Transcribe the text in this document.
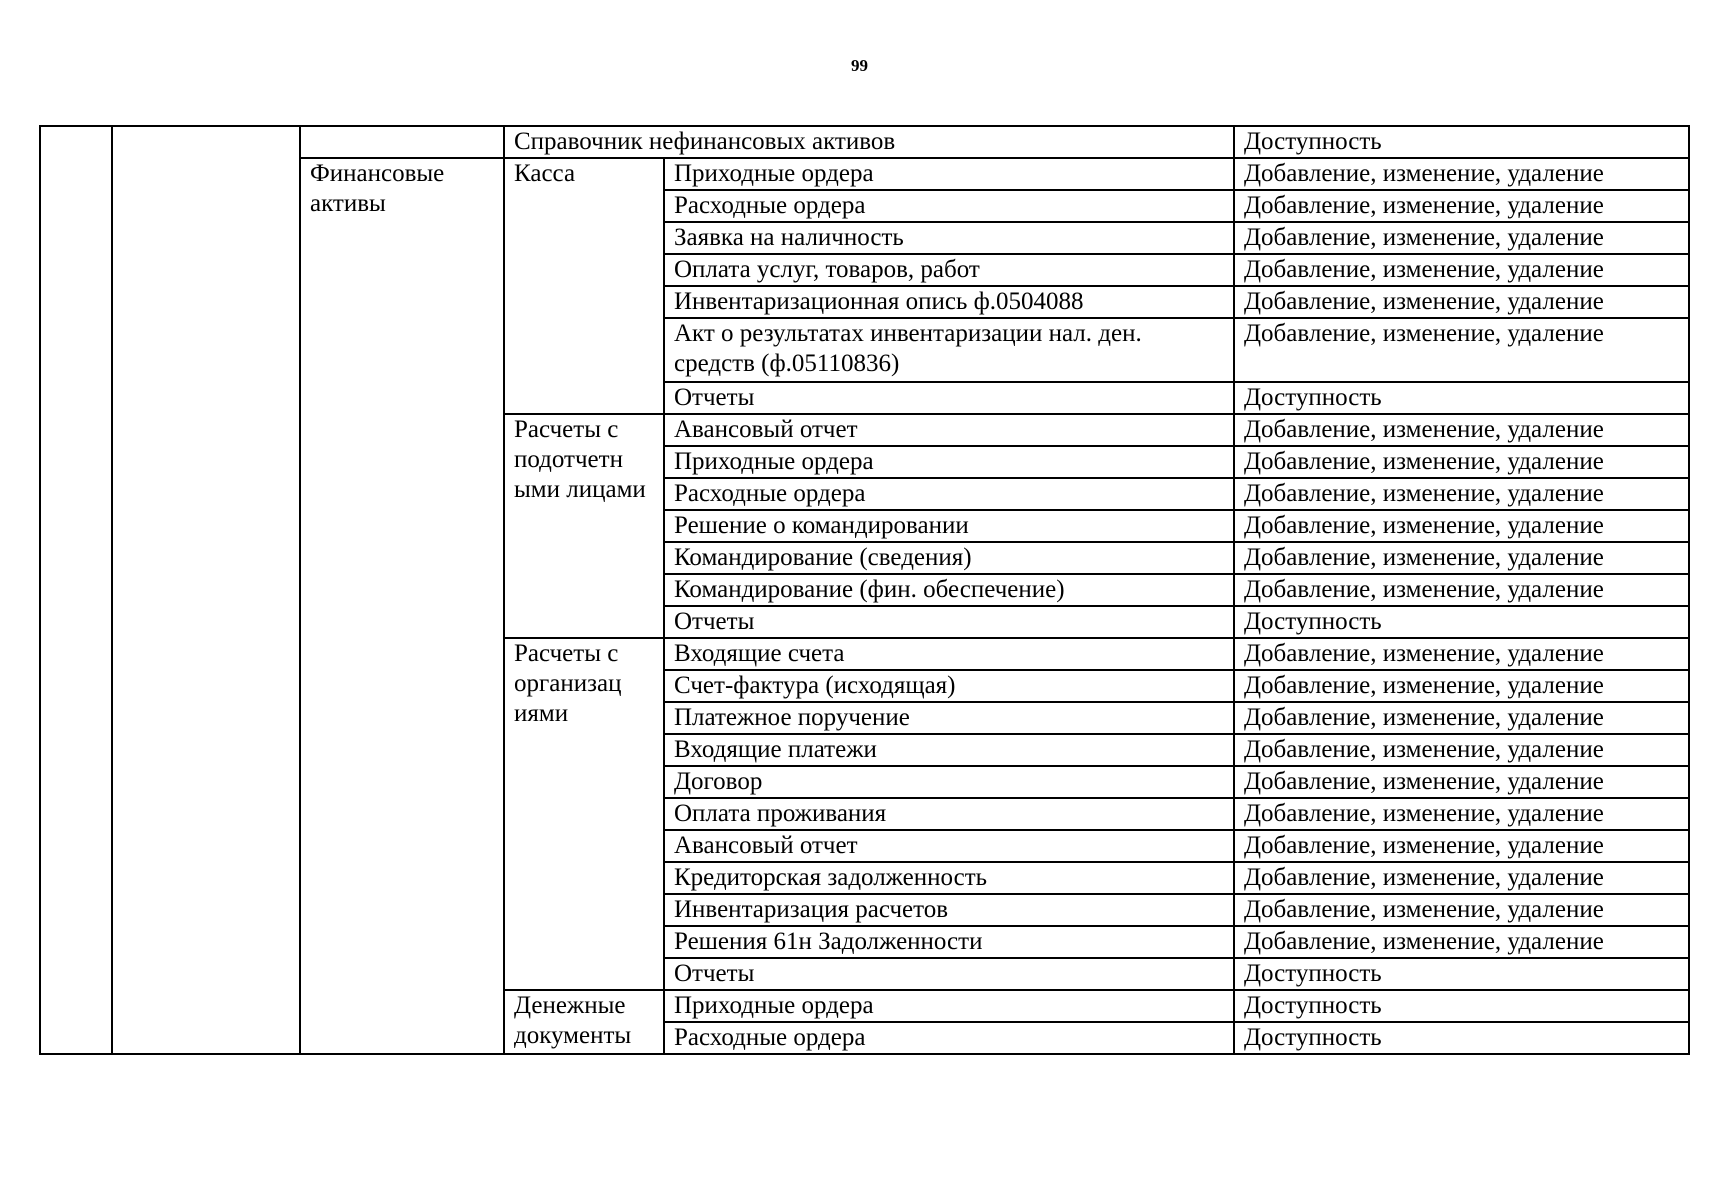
99
			Справочник нефинансовых активов		Доступность
		Финансовые активы	Касса	Приходные ордера	Добавление, изменение, удаление
				Расходные ордера	Добавление, изменение, удаление
				Заявка на наличность	Добавление, изменение, удаление
				Оплата услуг, товаров, работ	Добавление, изменение, удаление
				Инвентаризационная опись ф.0504088	Добавление, изменение, удаление
				Акт о результатах инвентаризации нал. ден. средств (ф.05110836)	Добавление, изменение, удаление
				Отчеты	Доступность
			Расчеты с подотчетн ыми лицами	Авансовый отчет	Добавление, изменение, удаление
				Приходные ордера	Добавление, изменение, удаление
				Расходные ордера	Добавление, изменение, удаление
				Решение о командировании	Добавление, изменение, удаление
				Командирование (сведения)	Добавление, изменение, удаление
				Командирование (фин. обеспечение)	Добавление, изменение, удаление
				Отчеты	Доступность
			Расчеты с организац иями	Входящие счета	Добавление, изменение, удаление
				Счет-фактура (исходящая)	Добавление, изменение, удаление
				Платежное поручение	Добавление, изменение, удаление
				Входящие платежи	Добавление, изменение, удаление
				Договор	Добавление, изменение, удаление
				Оплата проживания	Добавление, изменение, удаление
				Авансовый отчет	Добавление, изменение, удаление
				Кредиторская задолженность	Добавление, изменение, удаление
				Инвентаризация расчетов	Добавление, изменение, удаление
				Решения 61н Задолженности	Добавление, изменение, удаление
				Отчеты	Доступность
			Денежные документы	Приходные ордера	Доступность
				Расходные ордера	Доступность
